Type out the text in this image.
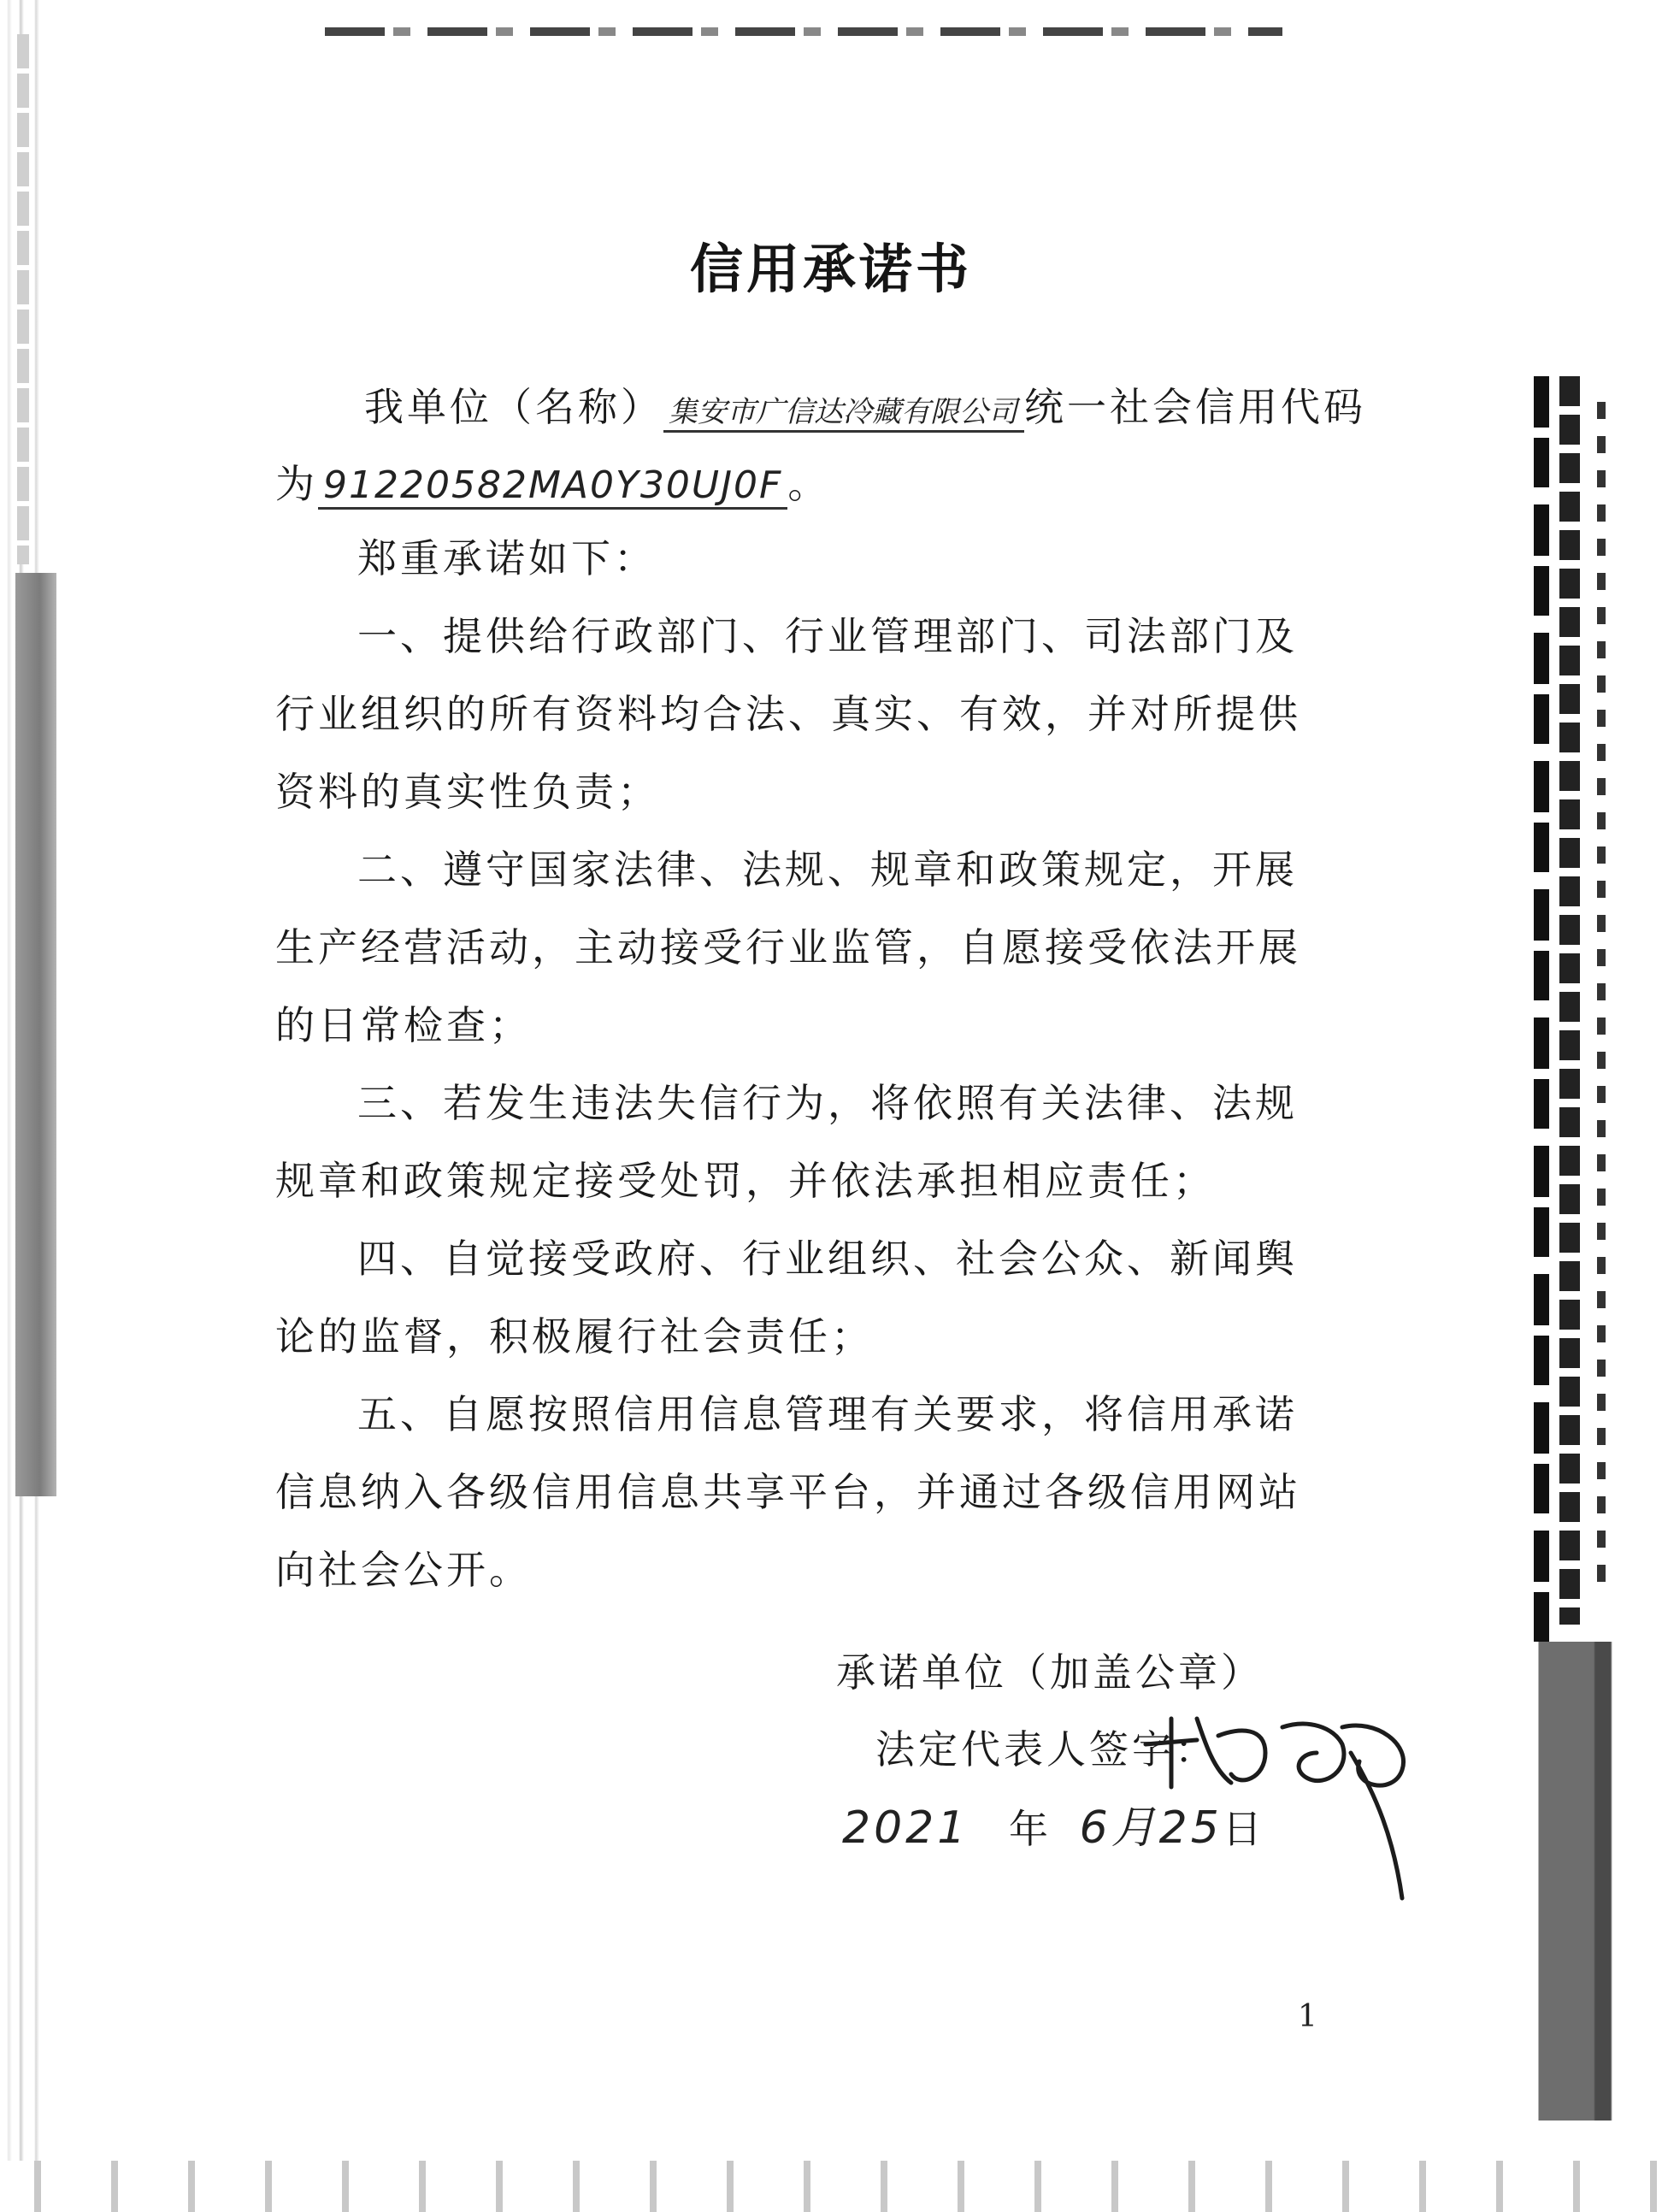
信用承诺书
我单位（名称） 集安市广信达冷藏有限公司 统一社会信用代码
为 91220582MA0Y30UJ0F 。

郑重承诺如下：

一、提供给行政部门、行业管理部门、司法部门及行业组织的所有资料均合法、真实、有效，并对所提供资料的真实性负责；

二、遵守国家法律、法规、规章和政策规定，开展生产经营活动，主动接受行业监管，自愿接受依法开展的日常检查；

三、若发生违法失信行为，将依照有关法律、法规规章和政策规定接受处罚，并依法承担相应责任；

四、自觉接受政府、行业组织、社会公众、新闻舆论的监督，积极履行社会责任；

五、自愿按照信用信息管理有关要求，将信用承诺信息纳入各级信用信息共享平台，并通过各级信用网站向社会公开。

承诺单位（加盖公章）
法定代表人签字：
2021 年 6月25日
1
